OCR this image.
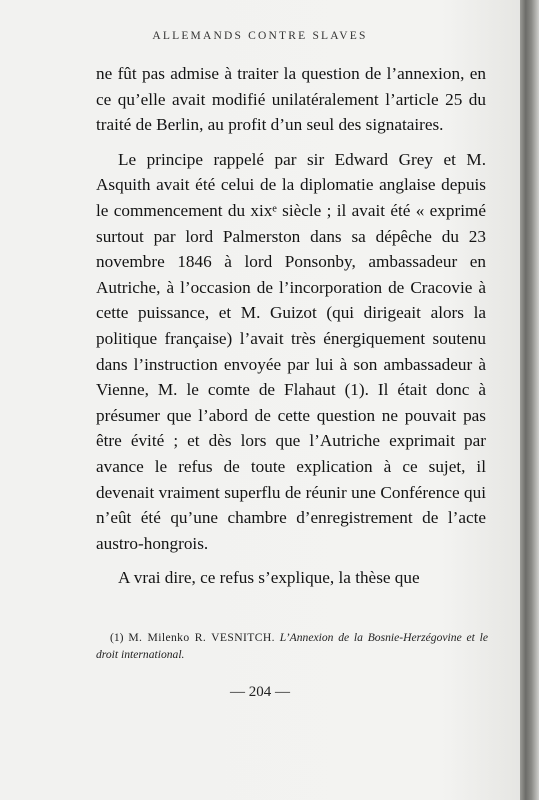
ALLEMANDS CONTRE SLAVES

ne fût pas admise à traiter la question de l’annexion, en ce qu’elle avait modifié unilatéralement l’article 25 du traité de Berlin, au profit d’un seul des signataires.

Le principe rappelé par sir Edward Grey et M. Asquith avait été celui de la diplomatie anglaise depuis le commencement du xixᵉ siècle ; il avait été « exprimé surtout par lord Palmerston dans sa dépêche du 23 novembre 1846 à lord Ponsonby, ambassadeur en Autriche, à l’occasion de l’incorporation de Cracovie à cette puissance, et M. Guizot (qui dirigeait alors la politique française) l’avait très énergiquement soutenu dans l’instruction envoyée par lui à son ambassadeur à Vienne, M. le comte de Flahaut (1). Il était donc à présumer que l’abord de cette question ne pouvait pas être évité ; et dès lors que l’Autriche exprimait par avance le refus de toute explication à ce sujet, il devenait vraiment superflu de réunir une Conférence qui n’eût été qu’une chambre d’enregistrement de l’acte austro-hongrois.

A vrai dire, ce refus s’explique, la thèse que

(1) M. Milenko R. VESNITCH. L’Annexion de la Bosnie-Herzégovine et le droit international.
— 204 —
